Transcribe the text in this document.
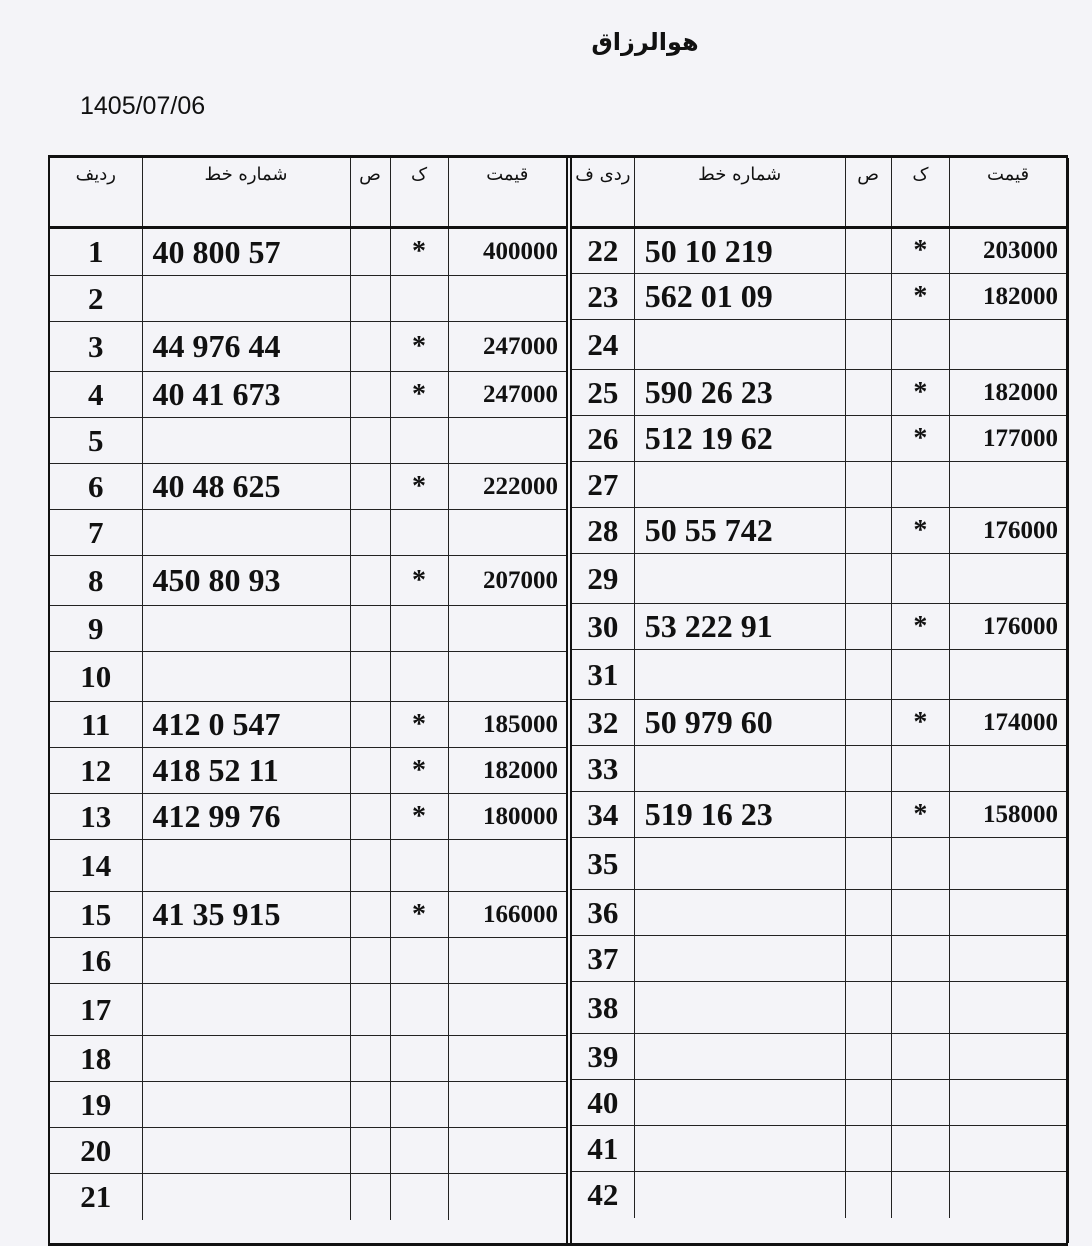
هوالرزاق
1405/07/06
ردیف	شماره خط	ص	ک	قیمت
1	40 800 57		*	400000
2				
3	44 976 44		*	247000
4	40 41 673		*	247000
5				
6	40 48 625		*	222000
7				
8	450 80 93		*	207000
9				
10				
11	412 0 547		*	185000
12	418 52 11		*	182000
13	412 99 76		*	180000
14				
15	41 35 915		*	166000
16				
17				
18				
19				
20				
21				
ردی ف	شماره خط	ص	ک	قیمت
22	50 10 219		*	203000
23	562 01 09		*	182000
24				
25	590 26 23		*	182000
26	512 19 62		*	177000
27				
28	50 55 742		*	176000
29				
30	53 222 91		*	176000
31				
32	50 979 60		*	174000
33				
34	519 16 23		*	158000
35				
36				
37				
38				
39				
40				
41				
42				
